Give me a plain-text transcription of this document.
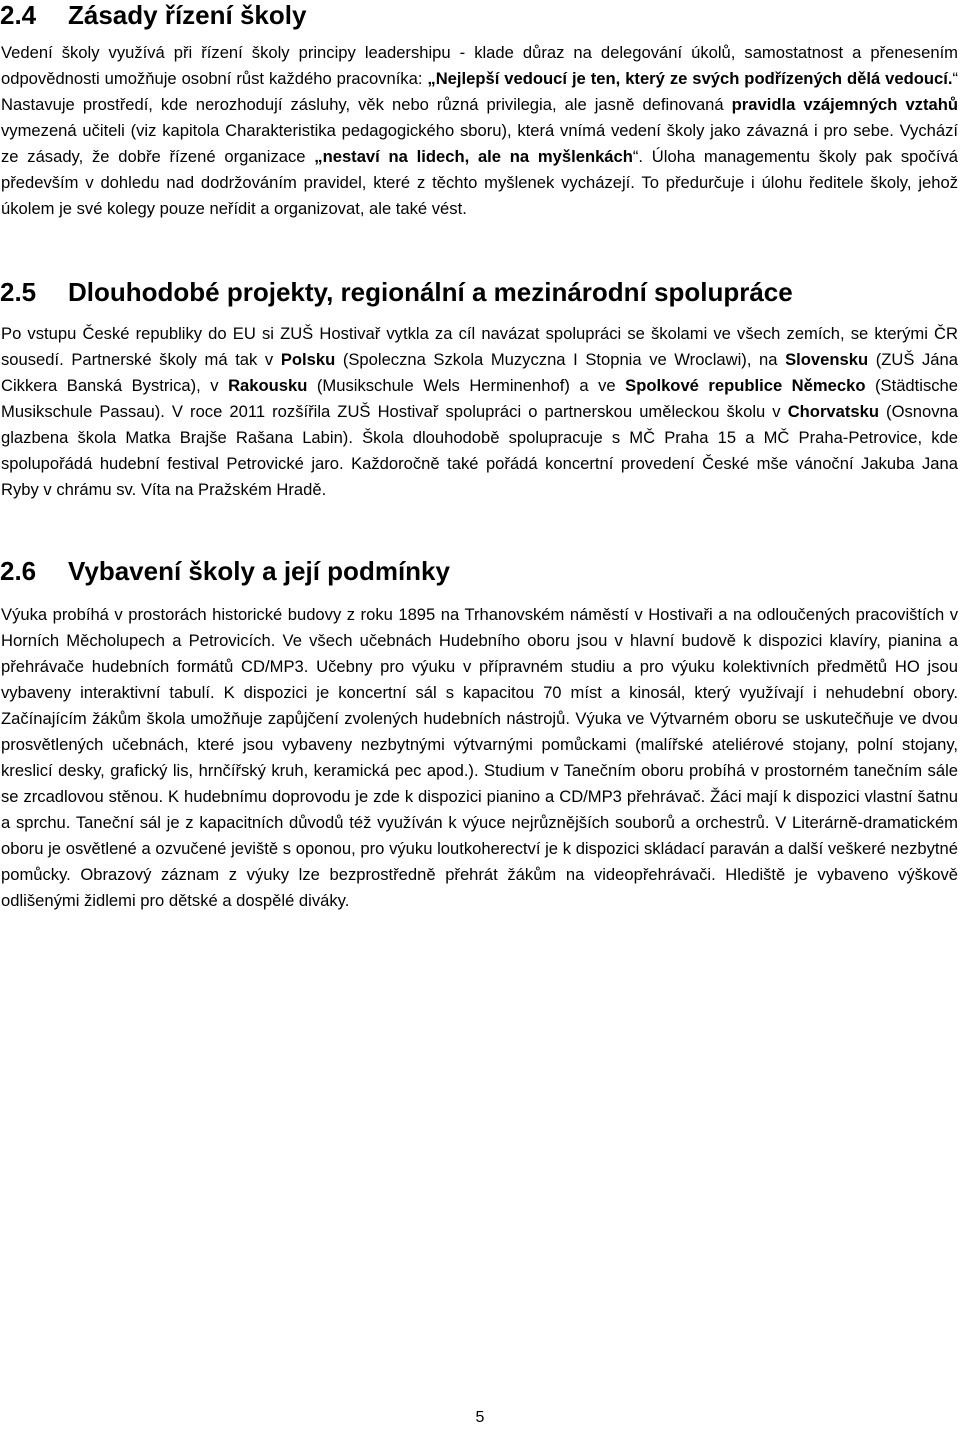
2.4 Zásady řízení školy

Vedení školy využívá při řízení školy principy leadershipu - klade důraz na delegování úkolů, samostatnost a přenesením odpovědnosti umožňuje osobní růst každého pracovníka: „Nejlepší vedoucí je ten, který ze svých podřízených dělá vedoucí.“ Nastavuje prostředí, kde nerozhodují zásluhy, věk nebo různá privilegia, ale jasně definovaná pravidla vzájemných vztahů vymezená učiteli (viz kapitola Charakteristika pedagogického sboru), která vnímá vedení školy jako závazná i pro sebe. Vychází ze zásady, že dobře řízené organizace „nestaví na lidech, ale na myšlenkách“. Úloha managementu školy pak spočívá především v dohledu nad dodržováním pravidel, které z těchto myšlenek vycházejí. To předurčuje i úlohu ředitele školy, jehož úkolem je své kolegy pouze neřídit a organizovat, ale také vést.

2.5 Dlouhodobé projekty, regionální a mezinárodní spolupráce

Po vstupu České republiky do EU si ZUŠ Hostivař vytkla za cíl navázat spolupráci se školami ve všech zemích, se kterými ČR sousedí. Partnerské školy má tak v Polsku (Spoleczna Szkola Muzyczna I Stopnia ve Wroclawi), na Slovensku (ZUŠ Jána Cikkera Banská Bystrica), v Rakousku (Musikschule Wels Herminenhof) a ve Spolkové republice Německo (Städtische Musikschule Passau). V roce 2011 rozšířila ZUŠ Hostivař spolupráci o partnerskou uměleckou školu v Chorvatsku (Osnovna glazbena škola Matka Brajše Rašana Labin). Škola dlouhodobě spolupracuje s MČ Praha 15 a MČ Praha-Petrovice, kde spolupořádá hudební festival Petrovické jaro. Každoročně také pořádá koncertní provedení České mše vánoční Jakuba Jana Ryby v chrámu sv. Víta na Pražském Hradě.

2.6 Vybavení školy a její podmínky

Výuka probíhá v prostorách historické budovy z roku 1895 na Trhanovském náměstí v Hostivaři a na odloučených pracovištích v Horních Měcholupech a Petrovicích. Ve všech učebnách Hudebního oboru jsou v hlavní budově k dispozici klavíry, pianina a přehrávače hudebních formátů CD/MP3. Učebny pro výuku v přípravném studiu a pro výuku kolektivních předmětů HO jsou vybaveny interaktivní tabulí. K dispozici je koncertní sál s kapacitou 70 míst a kinosál, který využívají i nehudební obory. Začínajícím žákům škola umožňuje zapůjčení zvolených hudebních nástrojů. Výuka ve Výtvarném oboru se uskutečňuje ve dvou prosvětlených učebnách, které jsou vybaveny nezbytnými výtvarnými pomůckami (malířské ateliérové stojany, polní stojany, kreslicí desky, grafický lis, hrnčířský kruh, keramická pec apod.). Studium v Tanečním oboru probíhá v prostorném tanečním sále se zrcadlovou stěnou. K hudebnímu doprovodu je zde k dispozici pianino a CD/MP3 přehrávač. Žáci mají k dispozici vlastní šatnu a sprchu. Taneční sál je z kapacitních důvodů též využíván k výuce nejrůznějších souborů a orchestrů. V Literárně-dramatickém oboru je osvětlené a ozvučené jeviště s oponou, pro výuku loutkoherectví je k dispozici skládací paraván a další veškeré nezbytné pomůcky. Obrazový záznam z výuky lze bezprostředně přehrát žákům na videopřehrávači. Hlediště je vybaveno výškově odlišenými židlemi pro dětské a dospělé diváky.

5
